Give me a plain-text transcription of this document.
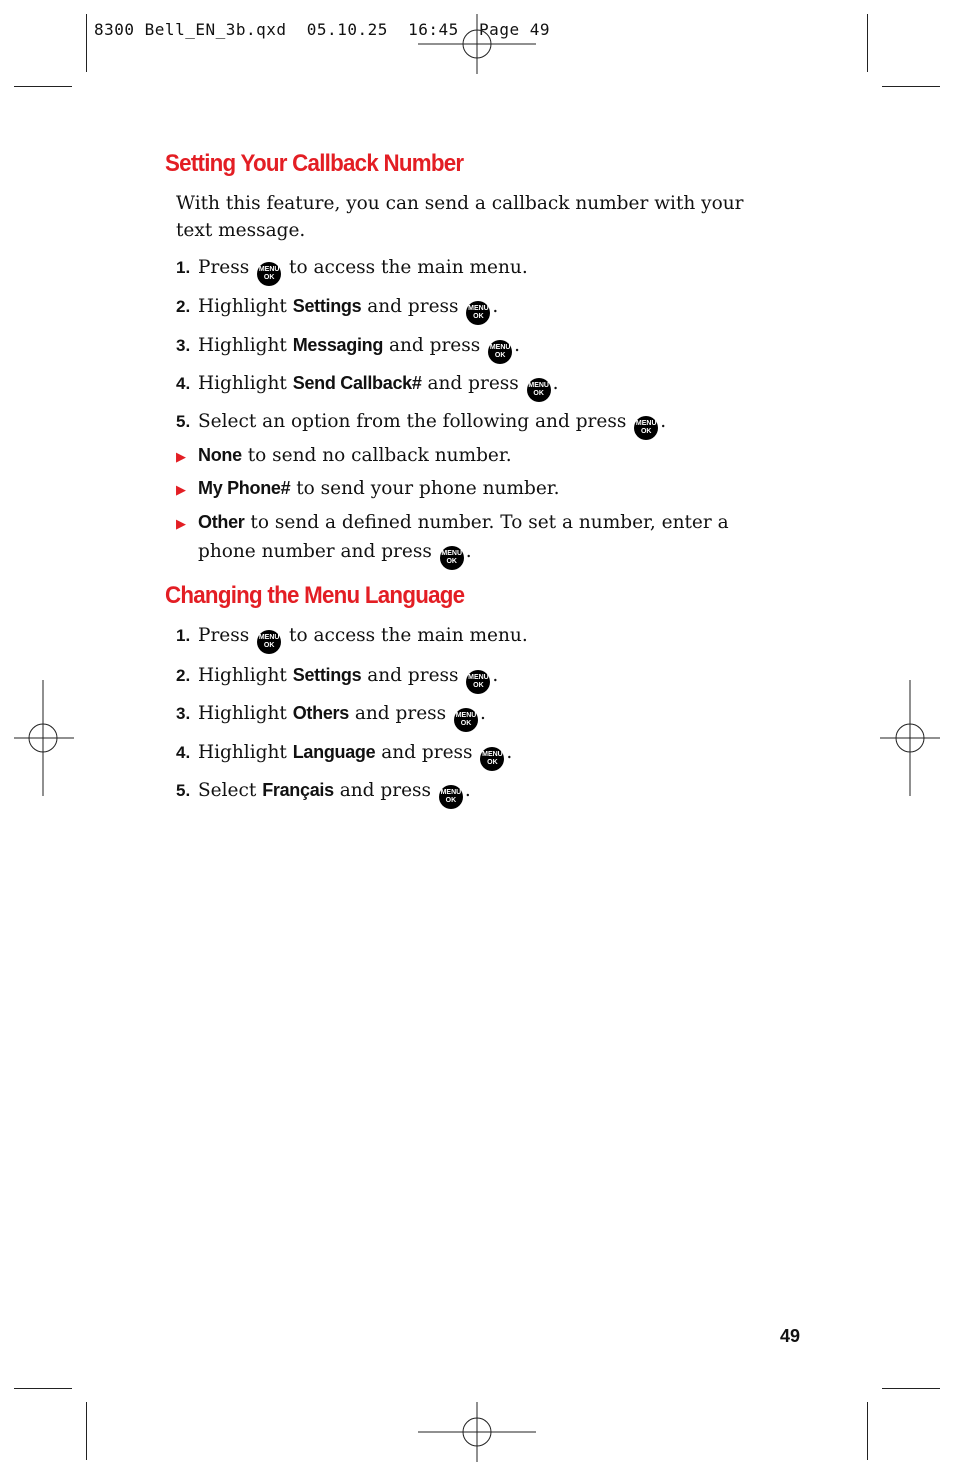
8300 Bell_EN_3b.qxd  05.10.25  16:45  Page 49
Setting Your Callback Number

With this feature, you can send a callback number with your text message.

1. Press MENU
OK to access the main menu.
2. Highlight Settings and press MENU
OK .
3. Highlight Messaging and press MENU
OK .
4. Highlight Send Callback# and press MENU
OK .
5. Select an option from the following and press MENU
OK .
▶ None to send no callback number.
▶ My Phone# to send your phone number.
▶ Other to send a defined number. To set a number, enter a
phone number and press MENU
OK .
Changing the Menu Language
1. Press MENU
OK to access the main menu.
2. Highlight Settings and press MENU
OK .
3. Highlight Others and press MENU
OK .
4. Highlight Language and press MENU
OK .
5. Select Français and press MENU
OK .
49
